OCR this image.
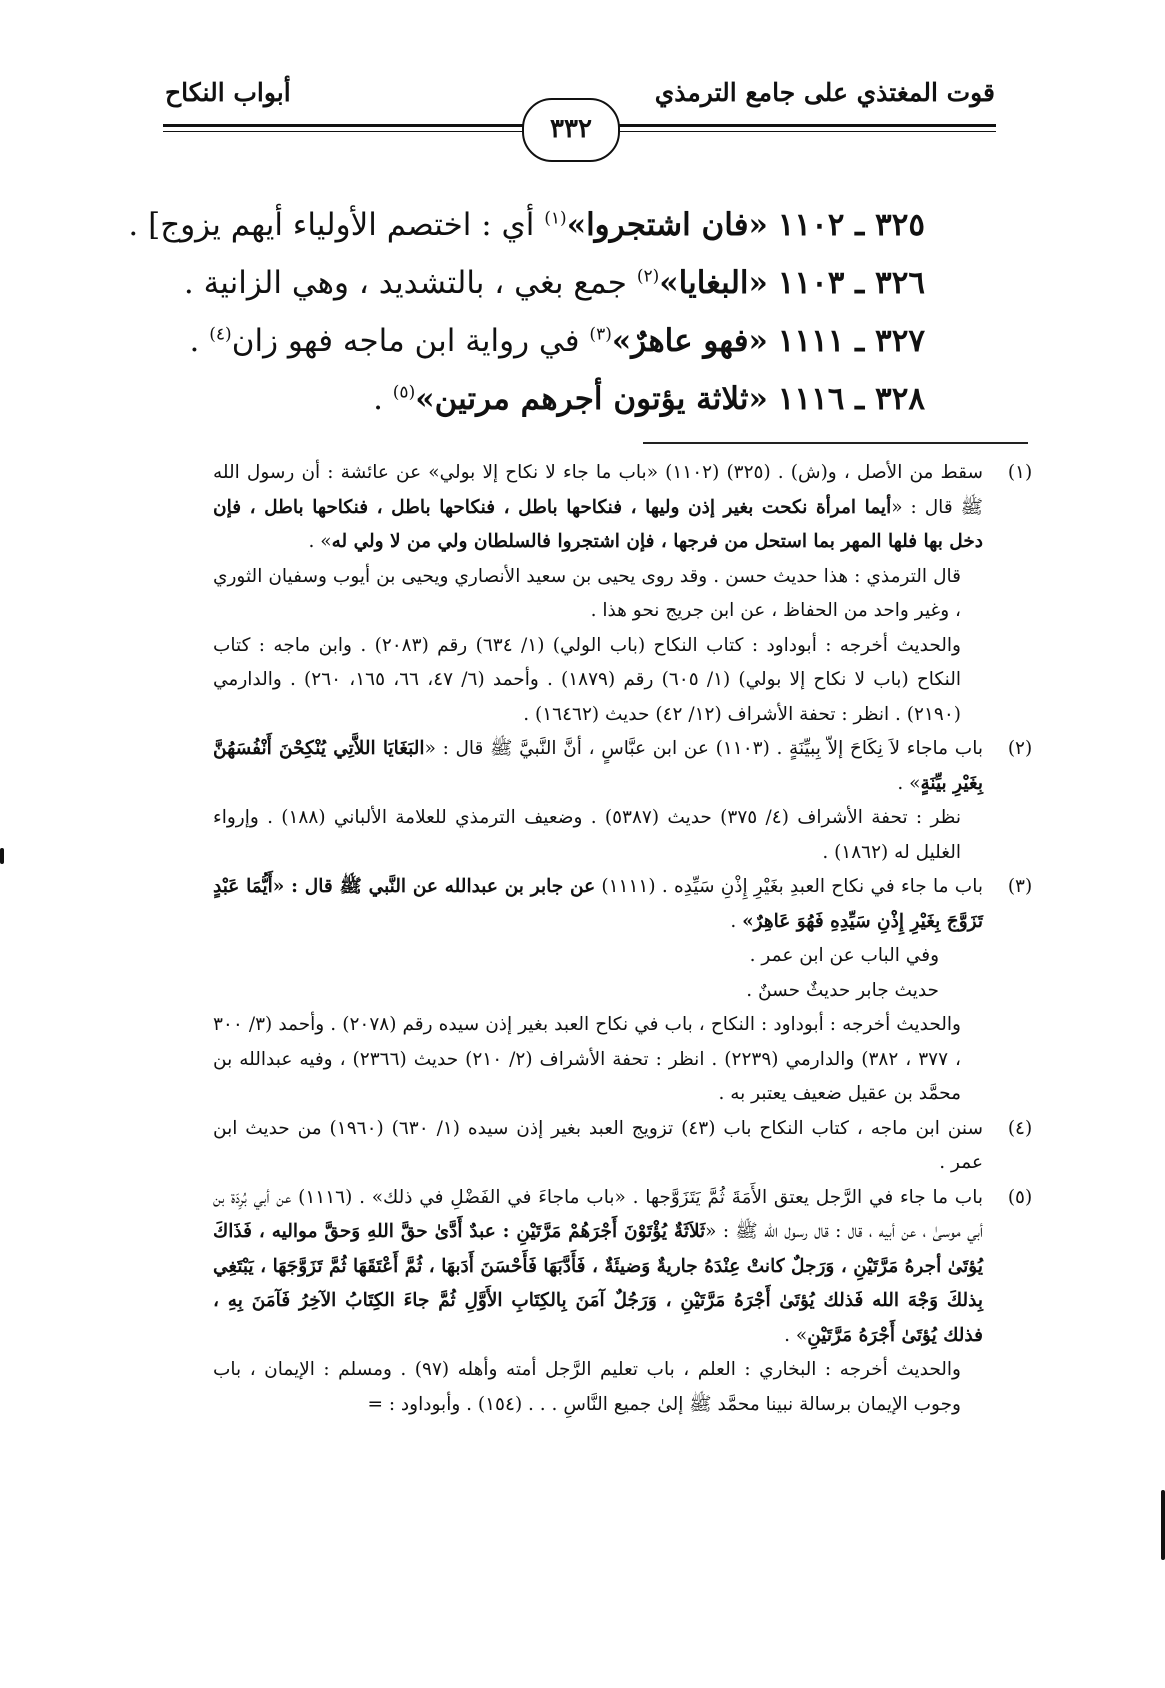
قوت المغتذي على جامع الترمذي
أبواب النكاح
٣٣٢
٣٢٥ ـ ١١٠٢ «فان اشتجروا»$^{(١)}$ أي : اختصم الأولياء أيهم يزوج] .
٣٢٦ ـ ١١٠٣ «البغايا»$^{(٢)}$ جمع بغي ، بالتشديد ، وهي الزانية .
٣٢٧ ـ ١١١١ «فهو عاهرٌ»$^{(٣)}$ في رواية ابن ماجه فهو زان$^{(٤)}$ .
٣٢٨ ـ ١١١٦ «ثلاثة يؤتون أجرهم مرتين»$^{(٥)}$ .
(١)

سقط من الأصل ، و(ش) . (٣٢٥) (١١٠٢) «باب ما جاء لا نكاح إلا بولي» عن عائشة : أن رسول الله ﷺ قال : «أيما امرأة نكحت بغير إذن وليها ، فنكاحها باطل ، فنكاحها باطل ، فنكاحها باطل ، فإن دخل بها فلها المهر بما استحل من فرجها ، فإن اشتجروا فالسلطان ولي من لا ولي له» .

قال الترمذي : هذا حديث حسن . وقد روى يحيى بن سعيد الأنصاري ويحيى بن أيوب وسفيان الثوري ، وغير واحد من الحفاظ ، عن ابن جريج نحو هذا .

والحديث أخرجه : أبوداود : كتاب النكاح (باب الولي) (١/ ٦٣٤) رقم (٢٠٨٣) . وابن ماجه : كتاب النكاح (باب لا نكاح إلا بولي) (١/ ٦٠٥) رقم (١٨٧٩) . وأحمد (٦/ ٤٧، ٦٦، ١٦٥، ٢٦٠) . والدارمي (٢١٩٠) . انظر : تحفة الأشراف (١٢/ ٤٢) حديث (١٦٤٦٢) .

(٢)

باب ماجاء لاَ نِكَاحَ إلاّ بِبيِّنَةٍ . (١١٠٣) عن ابن عبَّاسٍ ، أنَّ النَّبيَّ ﷺ قال : «البَغَايَا اللاَّتِي يُنْكِحْنَ أَنْفُسَهُنَّ بِغَيْرِ بيِّنَةٍ» .

نظر : تحفة الأشراف (٤/ ٣٧٥) حديث (٥٣٨٧) . وضعيف الترمذي للعلامة الألباني (١٨٨) . وإرواء الغليل له (١٨٦٢) .

(٣)

باب ما جاء في نكاح العبدِ بغَيْرِ إِذْنِ سَيِّدِه . (١١١١) عن جابر بن عبدالله عن النَّبي ﷺ قال : «أَيُّمَا عَبْدٍ تَزَوَّجَ بِغَيْرِ إِذْنِ سَيِّدِهِ فَهُوَ عَاهِرٌ» .

وفي الباب عن ابن عمر .

حديث جابر حديثٌ حسنٌ .

والحديث أخرجه : أبوداود : النكاح ، باب في نكاح العبد بغير إذن سيده رقم (٢٠٧٨) . وأحمد (٣/ ٣٠٠ ، ٣٧٧ ، ٣٨٢) والدارمي (٢٢٣٩) . انظر : تحفة الأشراف (٢/ ٢١٠) حديث (٢٣٦٦) ، وفيه عبدالله بن محمَّد بن عقيل ضعيف يعتبر به .

(٤)

سنن ابن ماجه ، كتاب النكاح باب (٤٣) تزويج العبد بغير إذن سيده (١/ ٦٣٠) (١٩٦٠) من حديث ابن عمر .

(٥)

باب ما جاء في الرَّجل يعتق الأَمَةَ ثُمَّ يَتَزَوَّجها . «باب ماجاءَ في الفَضْلِ في ذلك» . (١١١٦) عن أبي بُرِدَة بن أبي موسىٰ ، عن أبيه ، قال : قال رسول الله ﷺ : «ثَلاَثَةٌ يُؤْتَوْنَ أَجْرَهُمْ مَرَّتَيْنِ : عبدٌ أَدَّىٰ حقَّ اللهِ وَحقَّ مواليه ، فَذَاكَ يُؤتَىٰ أجرهُ مَرَّتَيْنِ ، وَرَجلٌ كانتْ عِنْدَهُ جاريةٌ وَضيئَةٌ ، فَأَدَّبَهَا فَأَحْسَنَ أَدَبهَا ، ثُمَّ أَعْتَقَهَا ثُمَّ تَزَوَّجَهَا ، يَبْتَغِي بِذلكَ وَجْهَ الله فَذلك يُؤتَىٰ أَجْرَهُ مَرَّتَيْنِ ، وَرَجُلٌ آمَنَ بِالكِتَابِ الأَوَّلِ ثُمَّ جاءَ الكِتَابُ الآخِرُ فَآمَنَ بِهِ ، فذلك يُؤتَىٰ أَجْرَهُ مَرَّتَيْنِ» .

والحديث أخرجه : البخاري : العلم ، باب تعليم الرَّجل أمته وأهله (٩٧) . ومسلم : الإيمان ، باب وجوب الإيمان برسالة نبينا محمَّد ﷺ إلىٰ جميع النَّاسِ . . . (١٥٤) . وأبوداود : =
